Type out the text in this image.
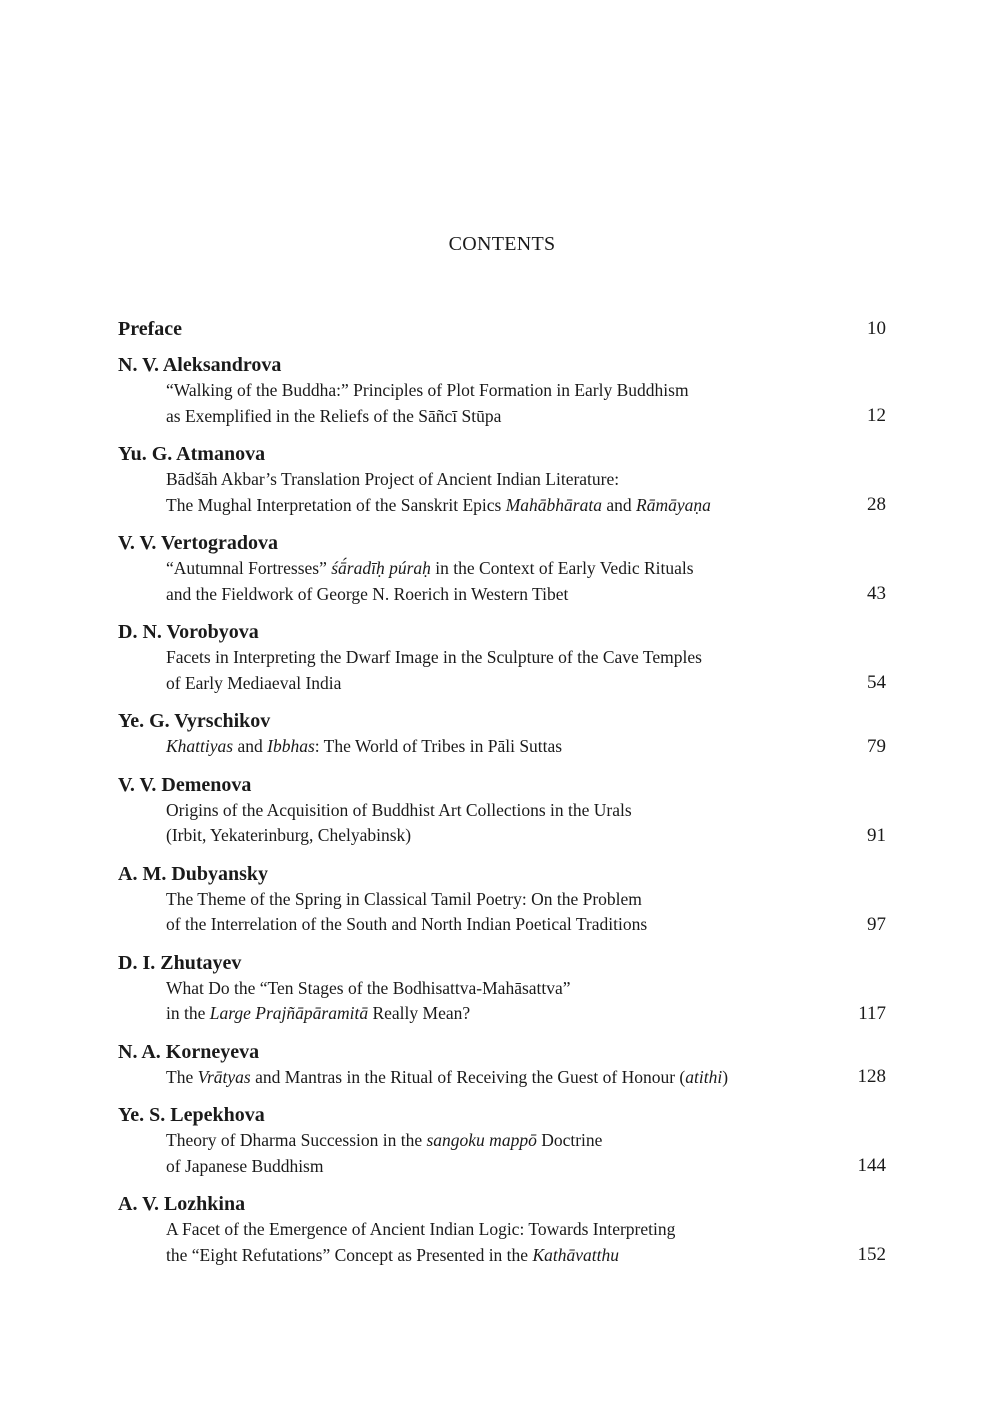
CONTENTS
Preface	10
N. V. Aleksandrova
“Walking of the Buddha:” Principles of Plot Formation in Early Buddhism
as Exemplified in the Reliefs of the Sāñcī Stūpa	12
Yu. G. Atmanova
Bādšāh Akbar’s Translation Project of Ancient Indian Literature:
The Mughal Interpretation of the Sanskrit Epics Mahābhārata and Rāmāyaṇa	28
V. V. Vertogradova
“Autumnal Fortresses” śā́radīḥ púraḥ in the Context of Early Vedic Rituals
and the Fieldwork of George N. Roerich in Western Tibet	43
D. N. Vorobyova
Facets in Interpreting the Dwarf Image in the Sculpture of the Cave Temples
of Early Mediaeval India	54
Ye. G. Vyrschikov
Khattiyas and Ibbhas: The World of Tribes in Pāli Suttas	79
V. V. Demenova
Origins of the Acquisition of Buddhist Art Collections in the Urals
(Irbit, Yekaterinburg, Chelyabinsk)	91
A. M. Dubyansky
The Theme of the Spring in Classical Tamil Poetry: On the Problem
of the Interrelation of the South and North Indian Poetical Traditions	97
D. I. Zhutayev
What Do the “Ten Stages of the Bodhisattva-Mahāsattva”
in the Large Prajñāpāramitā Really Mean?	117
N. A. Korneyeva
The Vrātyas and Mantras in the Ritual of Receiving the Guest of Honour (atithi)	128
Ye. S. Lepekhova
Theory of Dharma Succession in the sangoku mappō Doctrine
of Japanese Buddhism	144
A. V. Lozhkina
A Facet of the Emergence of Ancient Indian Logic: Towards Interpreting
the “Eight Refutations” Concept as Presented in the Kathāvatthu	152
